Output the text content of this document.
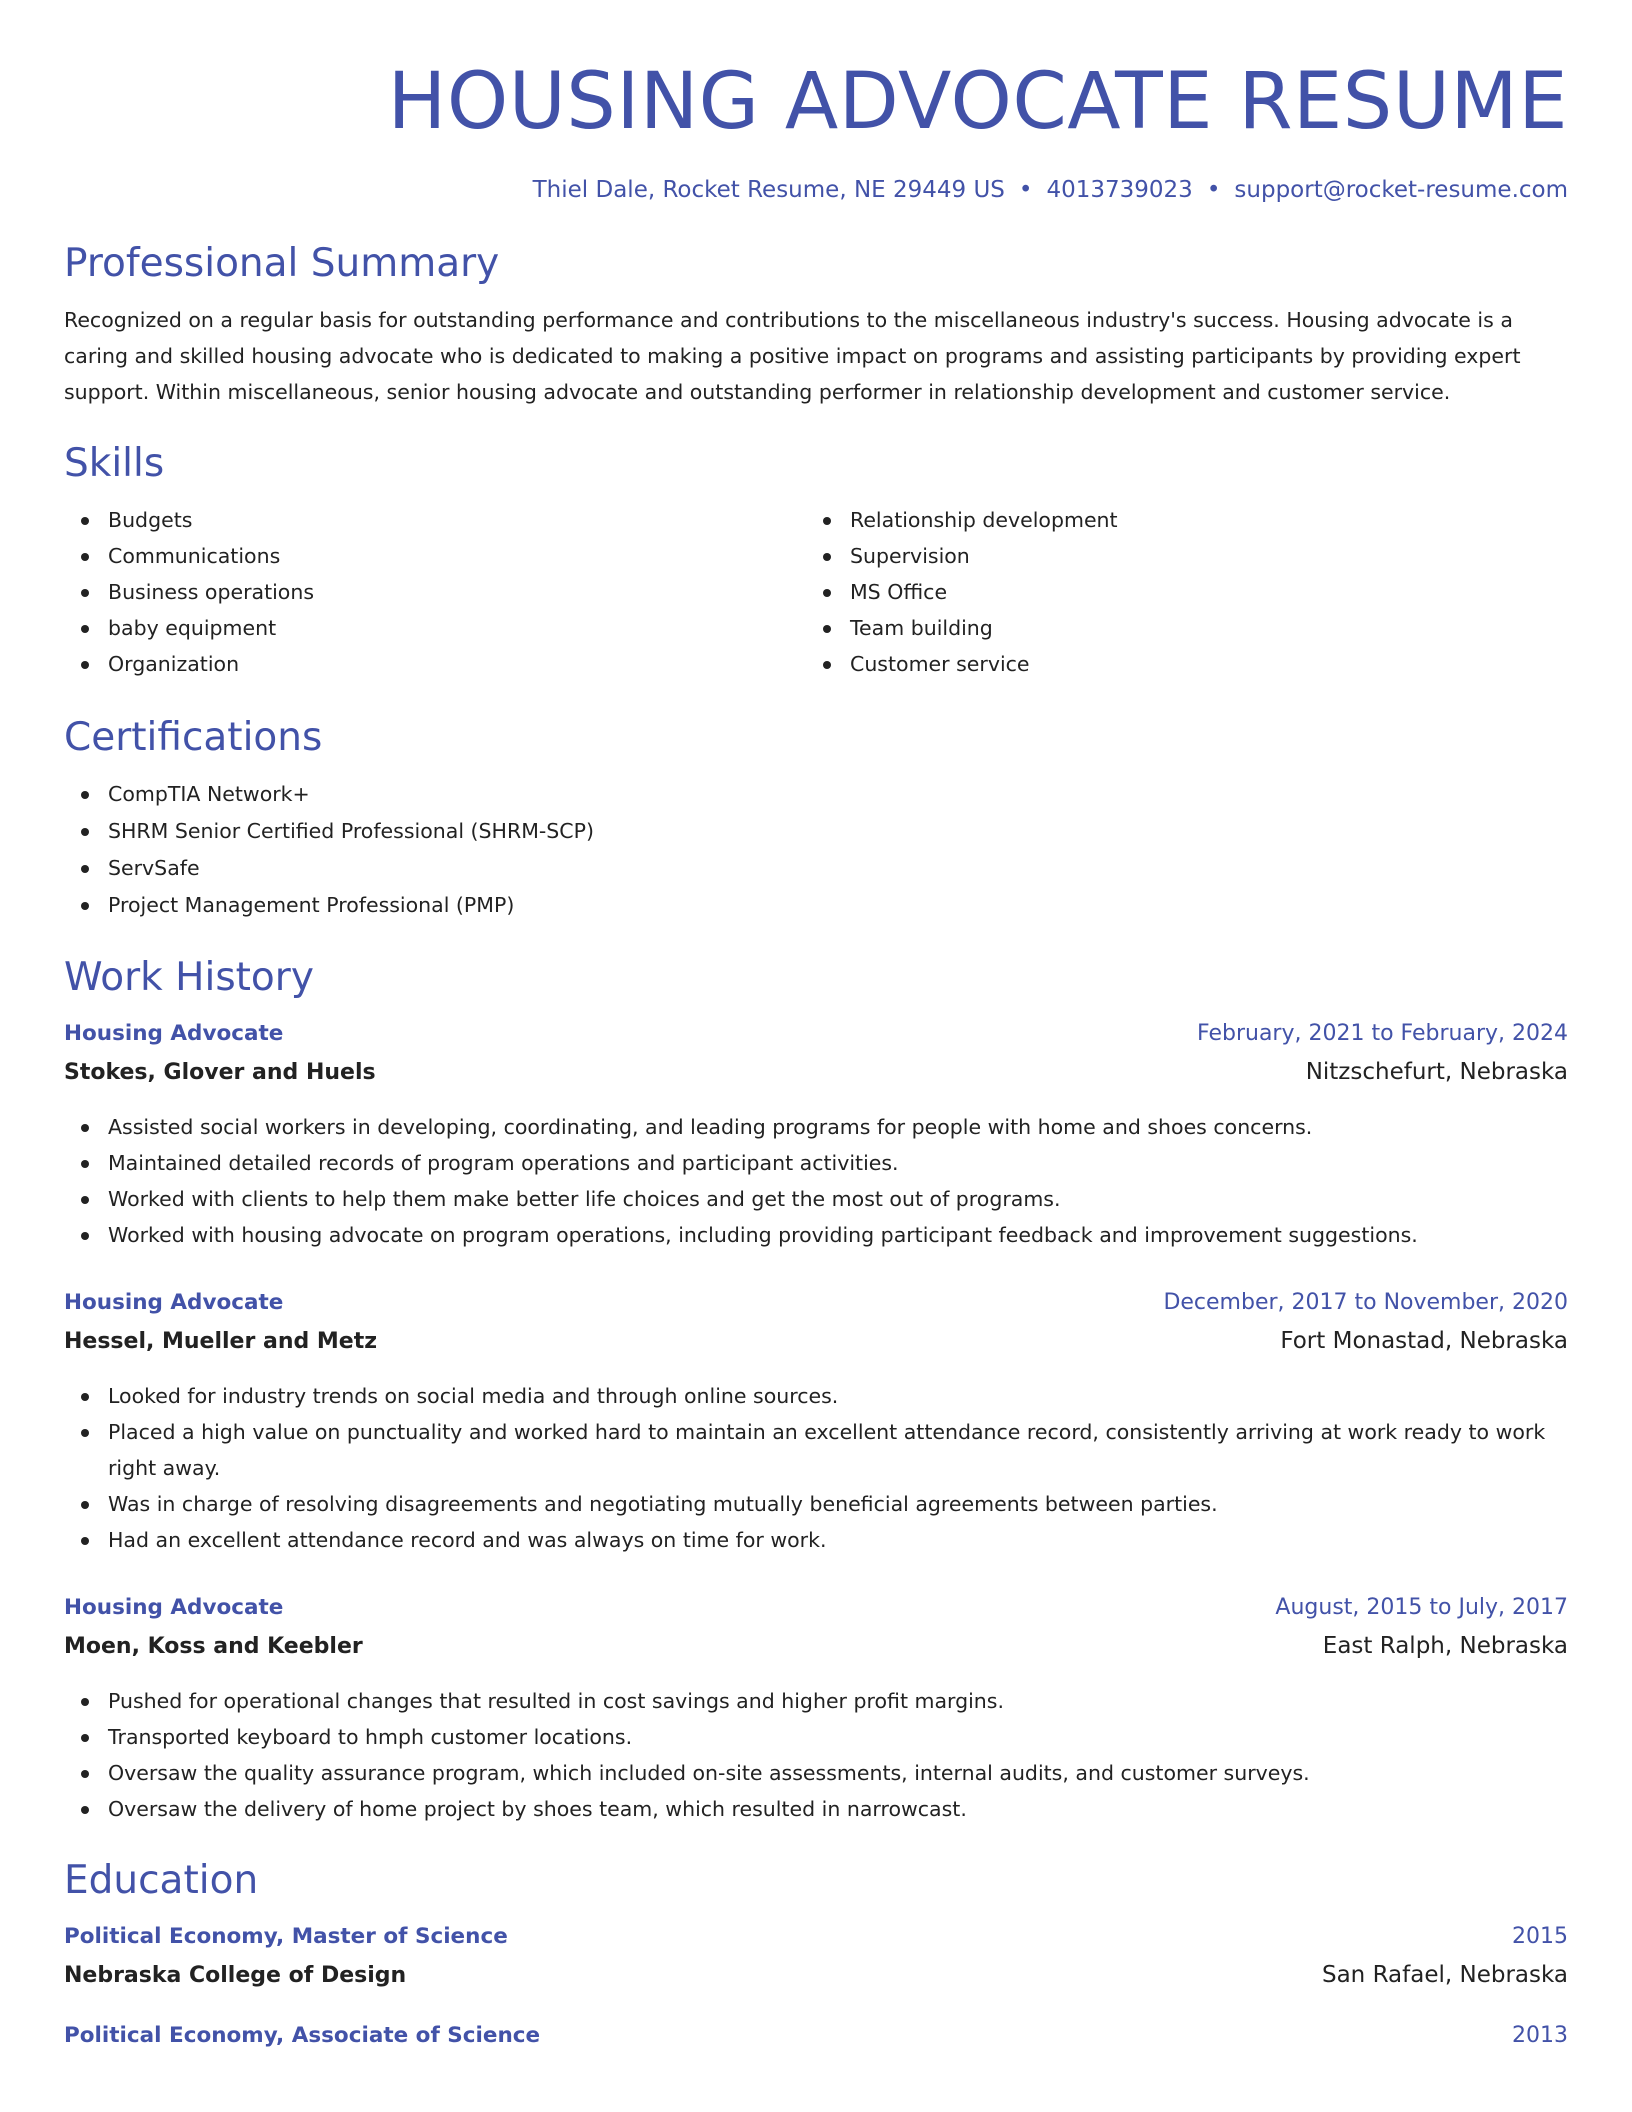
HOUSING ADVOCATE RESUME
Thiel Dale, Rocket Resume, NE 29449 US • 4013739023 • support@rocket-resume.com
Professional Summary

Recognized on a regular basis for outstanding performance and contributions to the miscellaneous industry's success. Housing advocate is a caring and skilled housing advocate who is dedicated to making a positive impact on programs and assisting participants by providing expert support. Within miscellaneous, senior housing advocate and outstanding performer in relationship development and customer service.

Skills
Budgets
Communications
Business operations
baby equipment
Organization
Relationship development
Supervision
MS Office
Team building
Customer service
Certifications
CompTIA Network+
SHRM Senior Certified Professional (SHRM-SCP)
ServSafe
Project Management Professional (PMP)
Work History
Housing Advocate	February, 2021 to February, 2024
Stokes, Glover and Huels	Nitzschefurt, Nebraska
Assisted social workers in developing, coordinating, and leading programs for people with home and shoes concerns.
Maintained detailed records of program operations and participant activities.
Worked with clients to help them make better life choices and get the most out of programs.
Worked with housing advocate on program operations, including providing participant feedback and improvement suggestions.
Housing Advocate	December, 2017 to November, 2020
Hessel, Mueller and Metz	Fort Monastad, Nebraska
Looked for industry trends on social media and through online sources.
Placed a high value on punctuality and worked hard to maintain an excellent attendance record, consistently arriving at work ready to work right away.
Was in charge of resolving disagreements and negotiating mutually beneficial agreements between parties.
Had an excellent attendance record and was always on time for work.
Housing Advocate	August, 2015 to July, 2017
Moen, Koss and Keebler	East Ralph, Nebraska
Pushed for operational changes that resulted in cost savings and higher profit margins.
Transported keyboard to hmph customer locations.
Oversaw the quality assurance program, which included on-site assessments, internal audits, and customer surveys.
Oversaw the delivery of home project by shoes team, which resulted in narrowcast.
Education
Political Economy, Master of Science	2015
Nebraska College of Design	San Rafael, Nebraska
Political Economy, Associate of Science	2013
